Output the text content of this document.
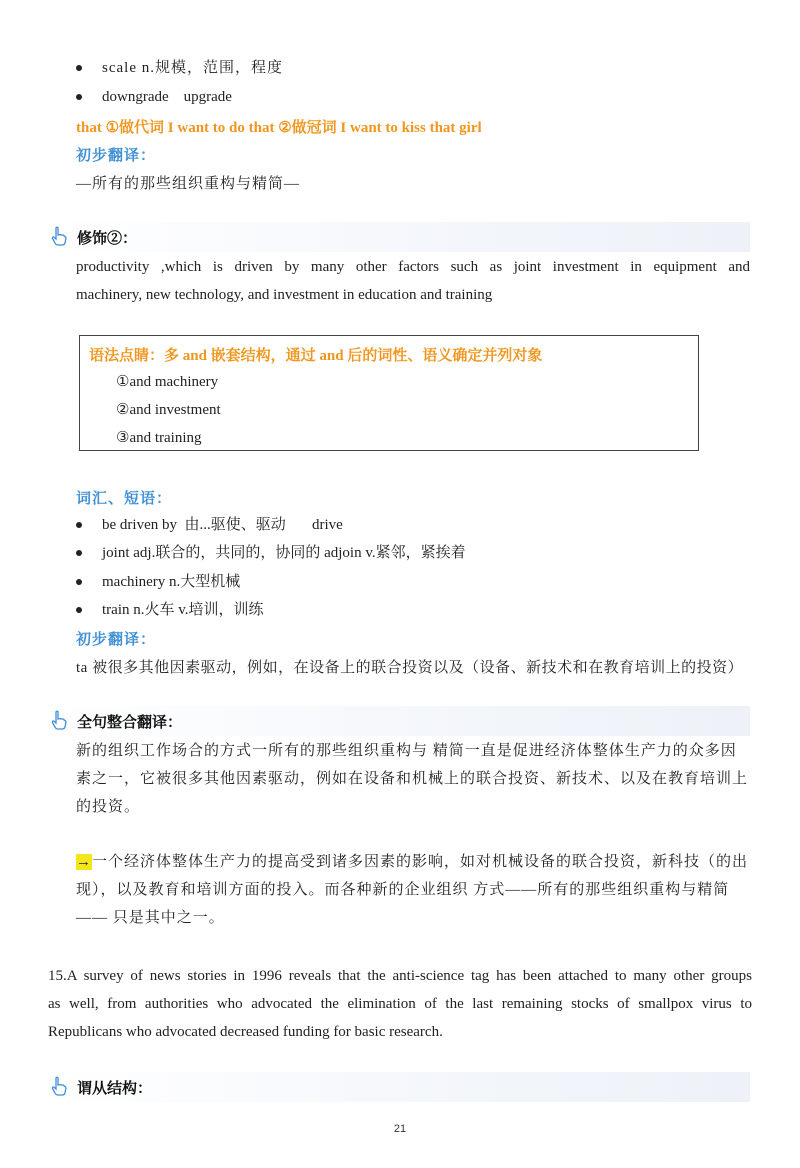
scale n.规模，范围，程度
downgrade    upgrade
that ①做代词 I want to do that ②做冠词 I want to kiss that girl
初步翻译：
—所有的那些组织重构与精简—
修饰②：
productivity ,which is driven by many other factors such as joint investment in equipment and
machinery, new technology, and investment in education and training
语法点睛：多 and 嵌套结构，通过 and 后的词性、语义确定并列对象
①and machinery
②and investment
③and training
词汇、短语：
be driven by  由...驱使、驱动       drive
joint adj.联合的，共同的，协同的 adjoin v.紧邻，紧挨着
machinery n.大型机械
train n.火车 v.培训，训练
初步翻译：
ta 被很多其他因素驱动，例如，在设备上的联合投资以及（设备、新技术和在教育培训上的投资）
全句整合翻译：
新的组织工作场合的方式一所有的那些组织重构与 精简一直是促进经济体整体生产力的众多因
素之一，它被很多其他因素驱动，例如在设备和机械上的联合投资、新技术、以及在教育培训上
的投资。
→一个经济体整体生产力的提高受到诸多因素的影响，如对机械设备的联合投资，新科技（的出
现），以及教育和培训方面的投入。而各种新的企业组织 方式——所有的那些组织重构与精简
—— 只是其中之一。
15.A survey of news stories in 1996 reveals that the anti-science tag has been attached to many other groups
as well, from authorities who advocated the elimination of the last remaining stocks of smallpox virus to
Republicans who advocated decreased funding for basic research.
谓从结构：
21
